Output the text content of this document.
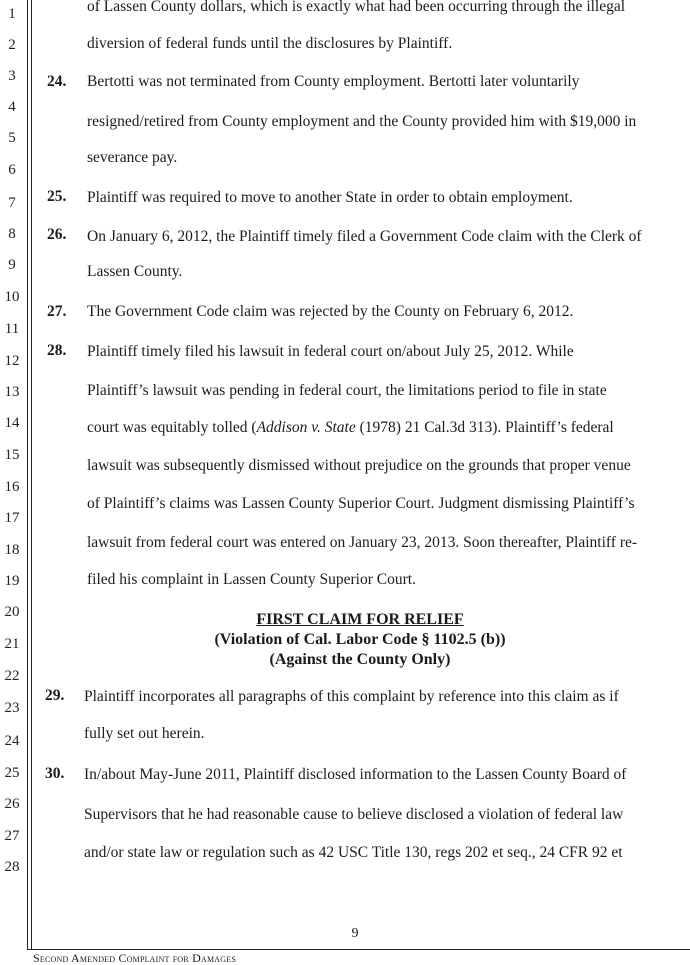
1
2
3
4
5
6
7
8
9
10
11
12
13
14
15
16
17
18
19
20
21
22
23
24
25
26
27
28
of Lassen County dollars, which is exactly what had been occurring through the illegal
diversion of federal funds until the disclosures by Plaintiff.
24. Bertotti was not terminated from County employment. Bertotti later voluntarily
resigned/retired from County employment and the County provided him with $19,000 in
severance pay.
25. Plaintiff was required to move to another State in order to obtain employment.
26. On January 6, 2012, the Plaintiff timely filed a Government Code claim with the Clerk of
Lassen County.
27. The Government Code claim was rejected by the County on February 6, 2012.
28. Plaintiff timely filed his lawsuit in federal court on/about July 25, 2012. While
Plaintiff’s lawsuit was pending in federal court, the limitations period to file in state
court was equitably tolled (Addison v. State (1978) 21 Cal.3d 313). Plaintiff’s federal
lawsuit was subsequently dismissed without prejudice on the grounds that proper venue
of Plaintiff’s claims was Lassen County Superior Court. Judgment dismissing Plaintiff’s
lawsuit from federal court was entered on January 23, 2013. Soon thereafter, Plaintiff re-
filed his complaint in Lassen County Superior Court.
FIRST CLAIM FOR RELIEF
(Violation of Cal. Labor Code § 1102.5 (b))
(Against the County Only)
29. Plaintiff incorporates all paragraphs of this complaint by reference into this claim as if
fully set out herein.
30. In/about May-June 2011, Plaintiff disclosed information to the Lassen County Board of
Supervisors that he had reasonable cause to believe disclosed a violation of federal law
and/or state law or regulation such as 42 USC Title 130, regs 202 et seq., 24 CFR 92 et
9
Second Amended Complaint for Damages
